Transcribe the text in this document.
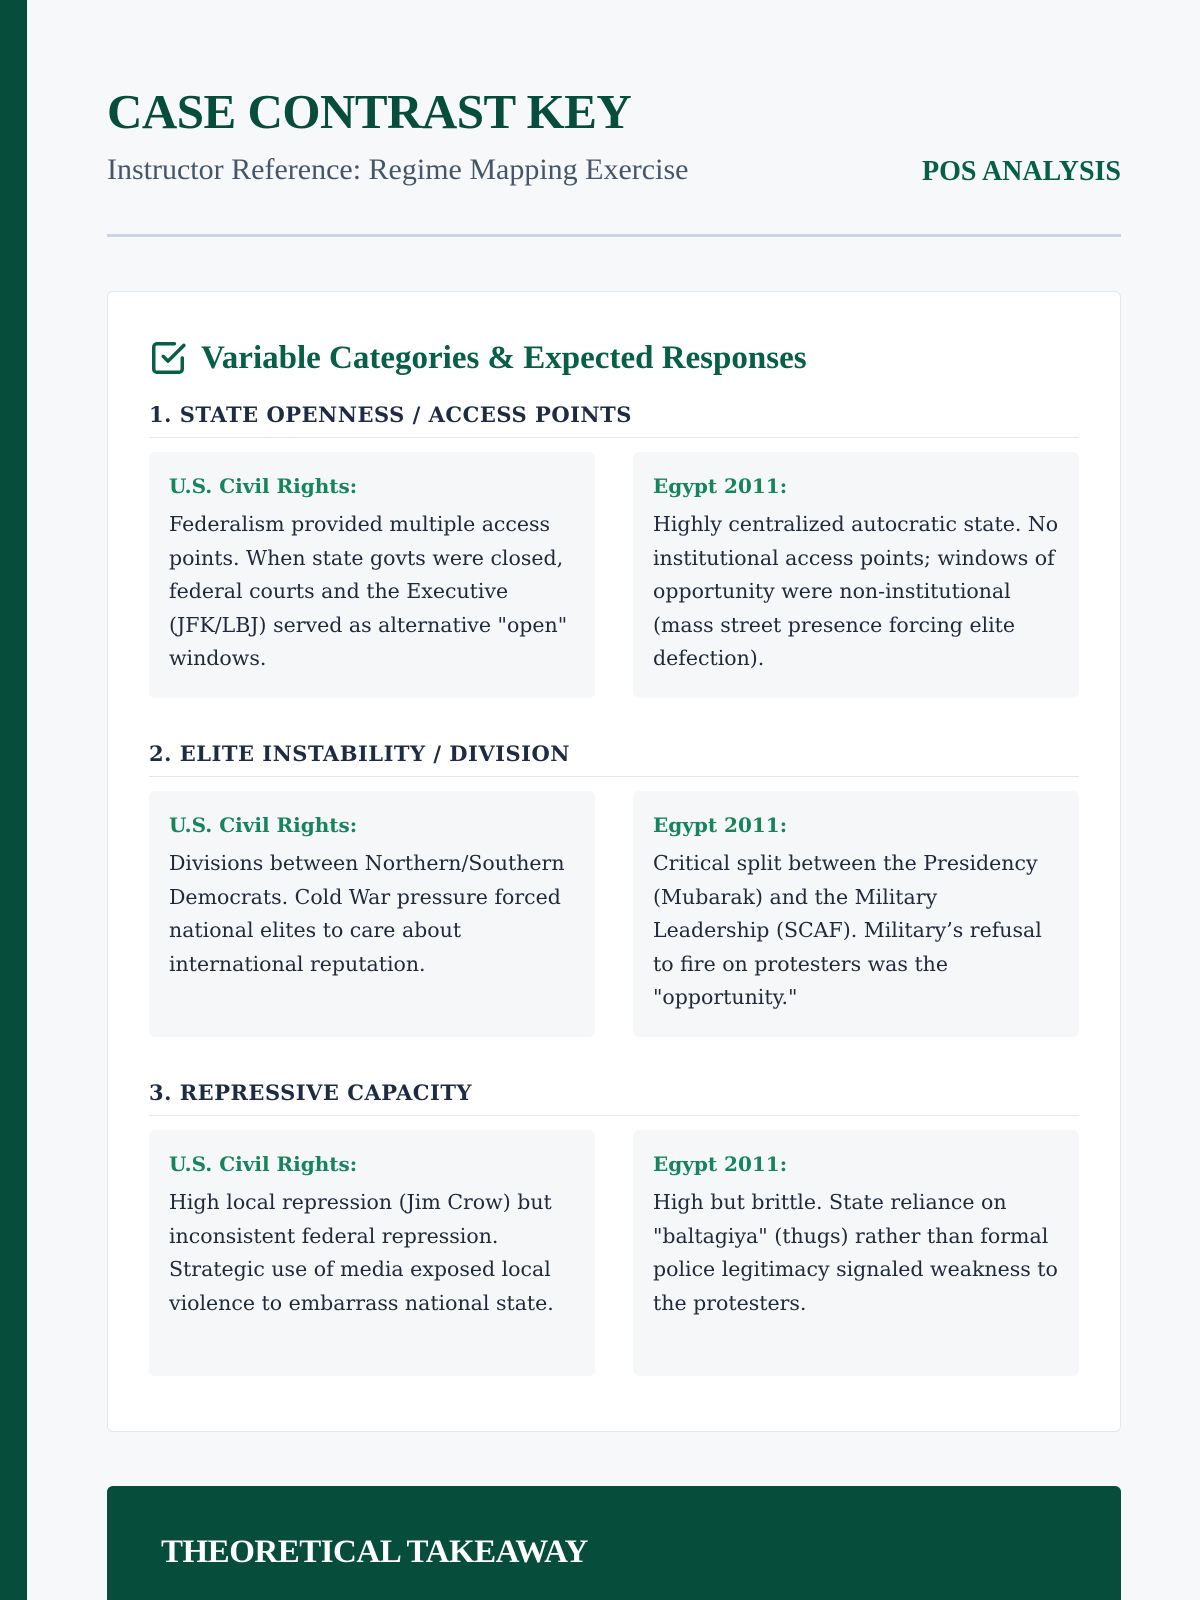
CASE CONTRAST KEY
Instructor Reference: Regime Mapping Exercise	POS ANALYSIS
Variable Categories & Expected Responses
1. STATE OPENNESS / ACCESS POINTS
U.S. Civil Rights:
Federalism provided multiple access points. When state govts were closed, federal courts and the Executive (JFK/LBJ) served as alternative "open" windows.
Egypt 2011:
Highly centralized autocratic state. No institutional access points; windows of opportunity were non-institutional (mass street presence forcing elite defection).
2. ELITE INSTABILITY / DIVISION
U.S. Civil Rights:
Divisions between Northern/Southern Democrats. Cold War pressure forced national elites to care about international reputation.
Egypt 2011:
Critical split between the Presidency (Mubarak) and the Military Leadership (SCAF). Military’s refusal to fire on protesters was the "opportunity."
3. REPRESSIVE CAPACITY
U.S. Civil Rights:
High local repression (Jim Crow) but inconsistent federal repression. Strategic use of media exposed local violence to embarrass national state.
Egypt 2011:
High but brittle. State reliance on "baltagiya" (thugs) rather than formal police legitimacy signaled weakness to the protesters.
THEORETICAL TAKEAWAY
